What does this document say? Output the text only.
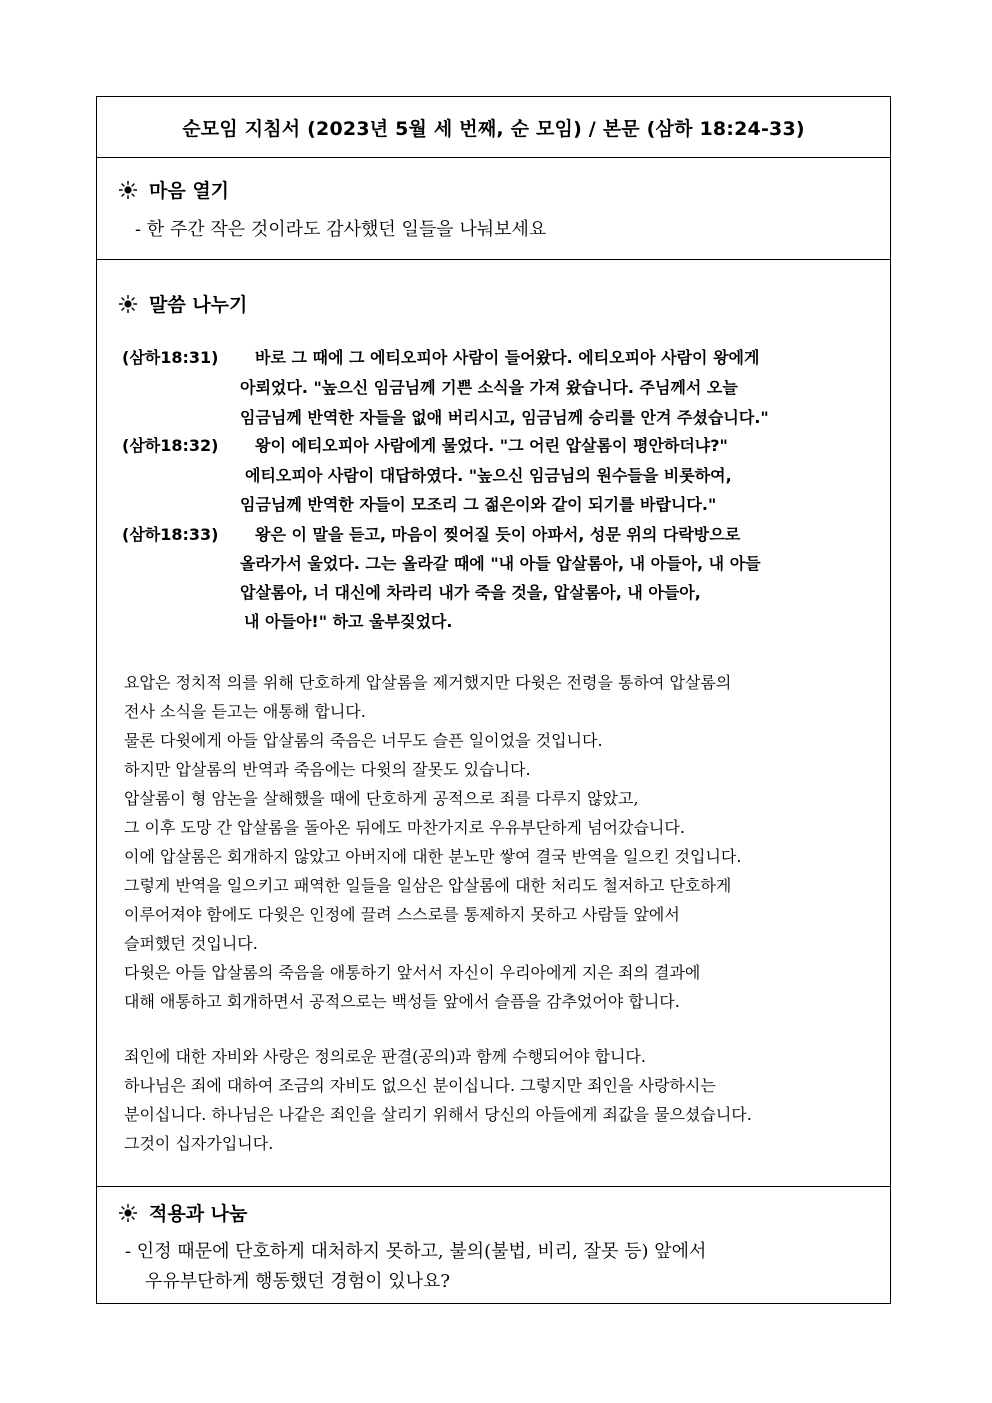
순모임 지침서 (2023년 5월 세 번째, 순 모임) / 본문 (삼하 18:24-33)
마음 열기
- 한 주간 작은 것이라도 감사했던 일들을 나눠보세요
말씀 나누기
(삼하18:31) 바로 그 때에 그 에티오피아 사람이 들어왔다. 에티오피아 사람이 왕에게
아뢰었다. "높으신 임금님께 기쁜 소식을 가져 왔습니다. 주님께서 오늘
임금님께 반역한 자들을 없애 버리시고, 임금님께 승리를 안겨 주셨습니다."
(삼하18:32) 왕이 에티오피아 사람에게 물었다. "그 어린 압살롬이 평안하더냐?"
에티오피아 사람이 대답하였다. "높으신 임금님의 원수들을 비롯하여,
임금님께 반역한 자들이 모조리 그 젊은이와 같이 되기를 바랍니다."
(삼하18:33) 왕은 이 말을 듣고, 마음이 찢어질 듯이 아파서, 성문 위의 다락방으로
올라가서 울었다. 그는 올라갈 때에 "내 아들 압살롬아, 내 아들아, 내 아들
압살롬아, 너 대신에 차라리 내가 죽을 것을, 압살롬아, 내 아들아,
내 아들아!" 하고 울부짖었다.
요압은 정치적 의를 위해 단호하게 압살롬을 제거했지만 다윗은 전령을 통하여 압살롬의
전사 소식을 듣고는 애통해 합니다.
물론 다윗에게 아들 압살롬의 죽음은 너무도 슬픈 일이었을 것입니다.
하지만 압살롬의 반역과 죽음에는 다윗의 잘못도 있습니다.
압살롬이 형 암논을 살해했을 때에 단호하게 공적으로 죄를 다루지 않았고,
그 이후 도망 간 압살롬을 돌아온 뒤에도 마찬가지로 우유부단하게 넘어갔습니다.
이에 압살롬은 회개하지 않았고 아버지에 대한 분노만 쌓여 결국 반역을 일으킨 것입니다.
그렇게 반역을 일으키고 패역한 일들을 일삼은 압살롬에 대한 처리도 철저하고 단호하게
이루어져야 함에도 다윗은 인정에 끌려 스스로를 통제하지 못하고 사람들 앞에서
슬퍼했던 것입니다.
다윗은 아들 압살롬의 죽음을 애통하기 앞서서 자신이 우리아에게 지은 죄의 결과에
대해 애통하고 회개하면서 공적으로는 백성들 앞에서 슬픔을 감추었어야 합니다.
죄인에 대한 자비와 사랑은 정의로운 판결(공의)과 함께 수행되어야 합니다.
하나님은 죄에 대하여 조금의 자비도 없으신 분이십니다. 그렇지만 죄인을 사랑하시는
분이십니다. 하나님은 나같은 죄인을 살리기 위해서 당신의 아들에게 죄값을 물으셨습니다.
그것이 십자가입니다.
적용과 나눔
- 인정 때문에 단호하게 대처하지 못하고, 불의(불법, 비리, 잘못 등) 앞에서
우유부단하게 행동했던 경험이 있나요?
